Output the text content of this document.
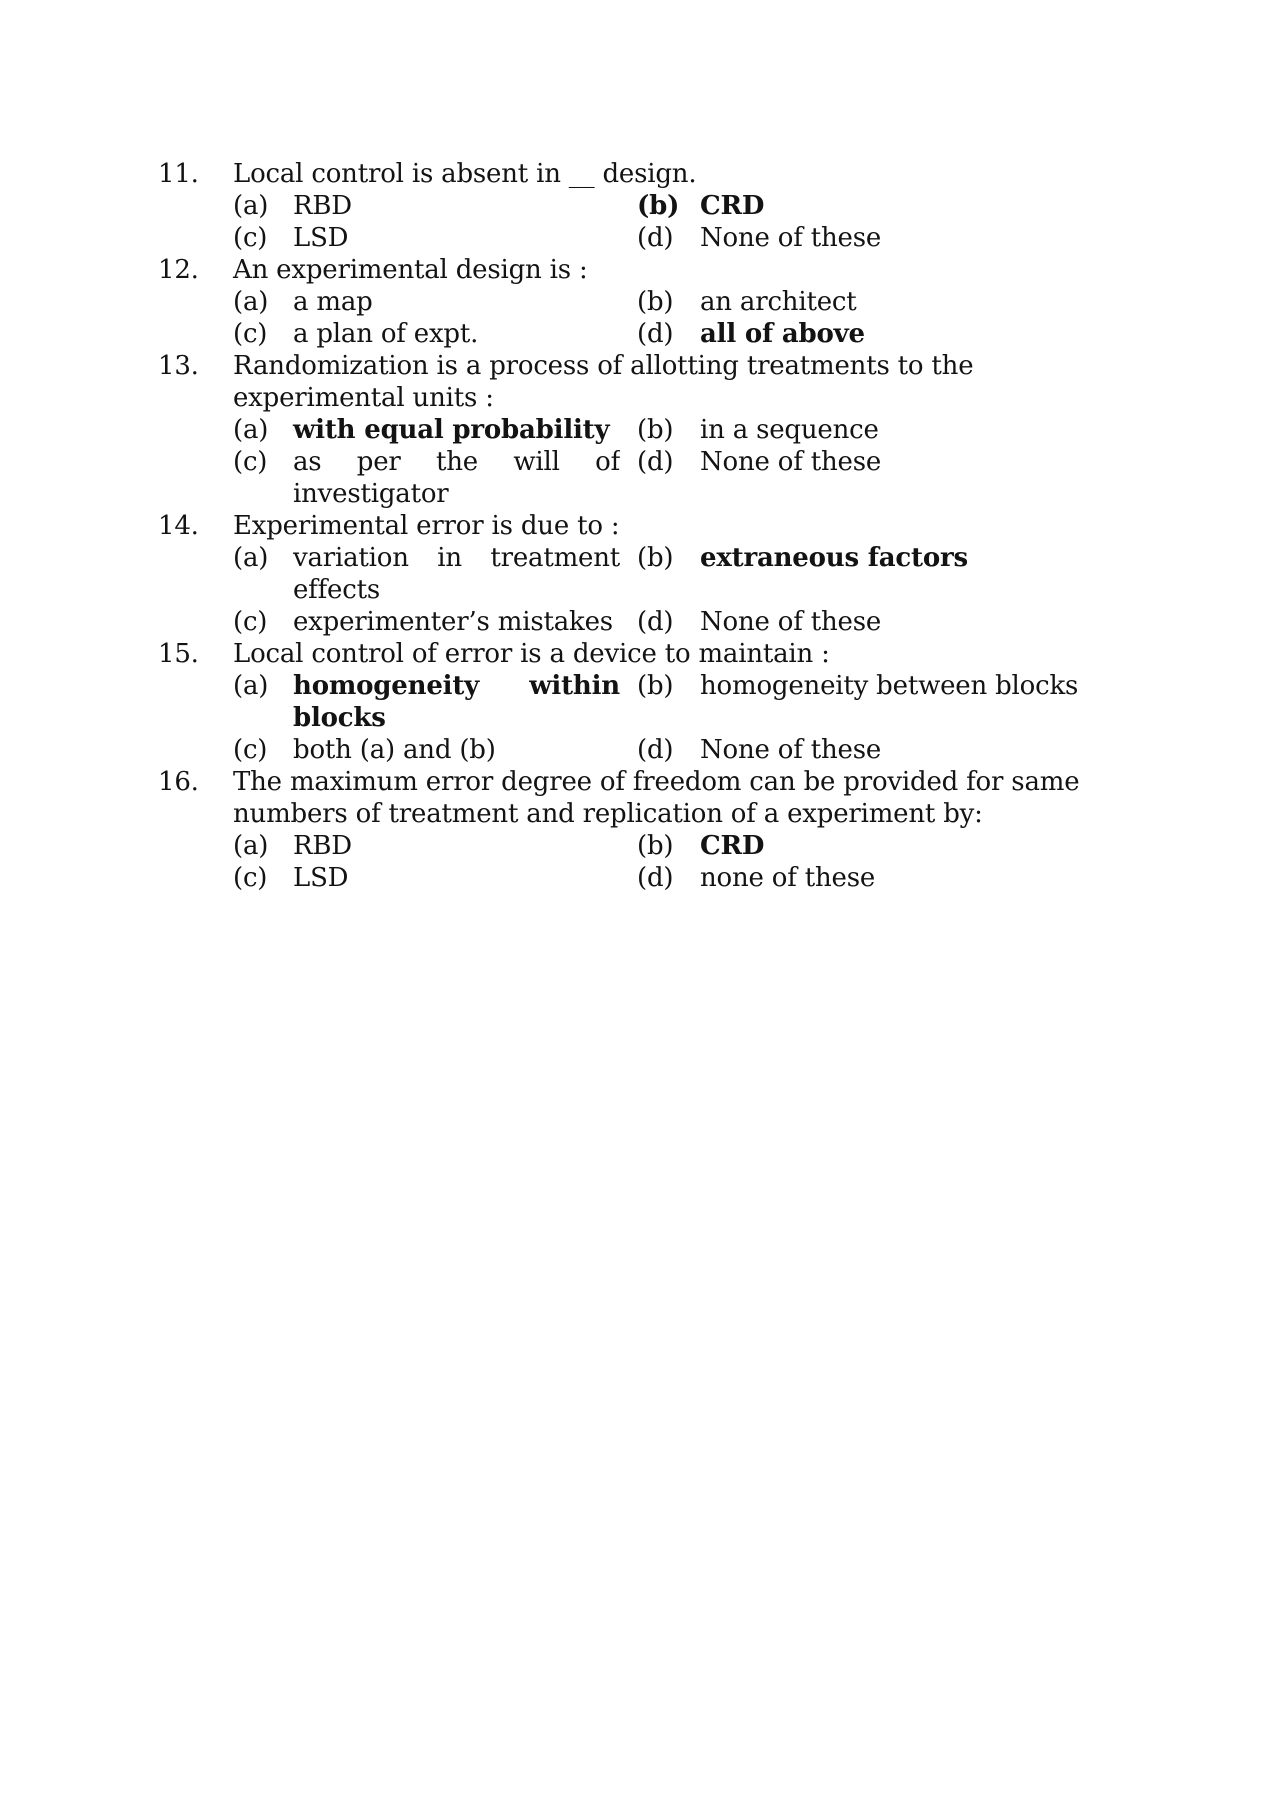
11. Local control is absent in __ design.
(a) RBD	(b) CRD
(c) LSD	(d) None of these
12. An experimental design is :
(a) a map	(b) an architect
(c) a plan of expt.	(d) all of above
13. Randomization is a process of allotting treatments to the
experimental units :
(a) with equal probability (b) in a sequence
(c) as per the will of (d) None of these
investigator
14. Experimental error is due to :
(a) variation in treatment (b) extraneous factors
effects
(c) experimenter’s mistakes (d) None of these
15. Local control of error is a device to maintain :
(a) homogeneity within (b) homogeneity between blocks
blocks
(c) both (a) and (b)	(d) None of these
16. The maximum error degree of freedom can be provided for same
numbers of treatment and replication of a experiment by:
(a) RBD	(b) CRD
(c) LSD	(d) none of these
